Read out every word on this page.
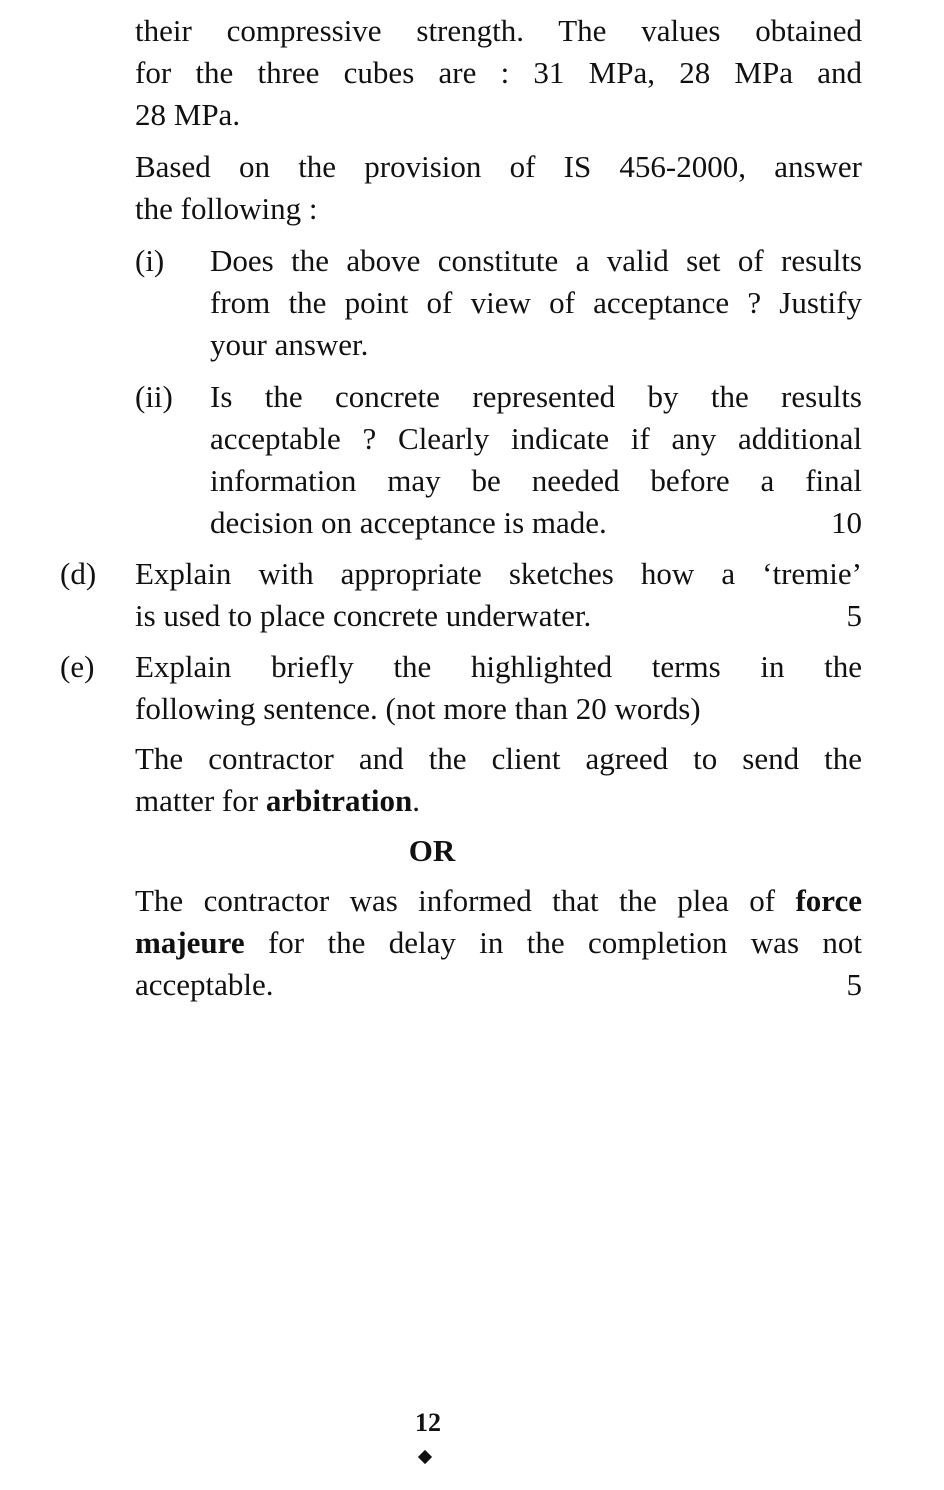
their compressive strength. The values obtained
for the three cubes are : 31 MPa, 28 MPa and
28 MPa.
Based on the provision of IS 456-2000, answer
the following :
(i) Does the above constitute a valid set of results
from the point of view of acceptance ? Justify
your answer.
(ii) Is the concrete represented by the results
acceptable ? Clearly indicate if any additional
information may be needed before a final
decision on acceptance is made.	10
(d) Explain with appropriate sketches how a ‘tremie’
is used to place concrete underwater.	5
(e) Explain briefly the highlighted terms in the
following sentence. (not more than 20 words)
The contractor and the client agreed to send the
matter for arbitration.
The contractor was informed that the plea of force
majeure for the delay in the completion was not
acceptable.	5
OR
12
